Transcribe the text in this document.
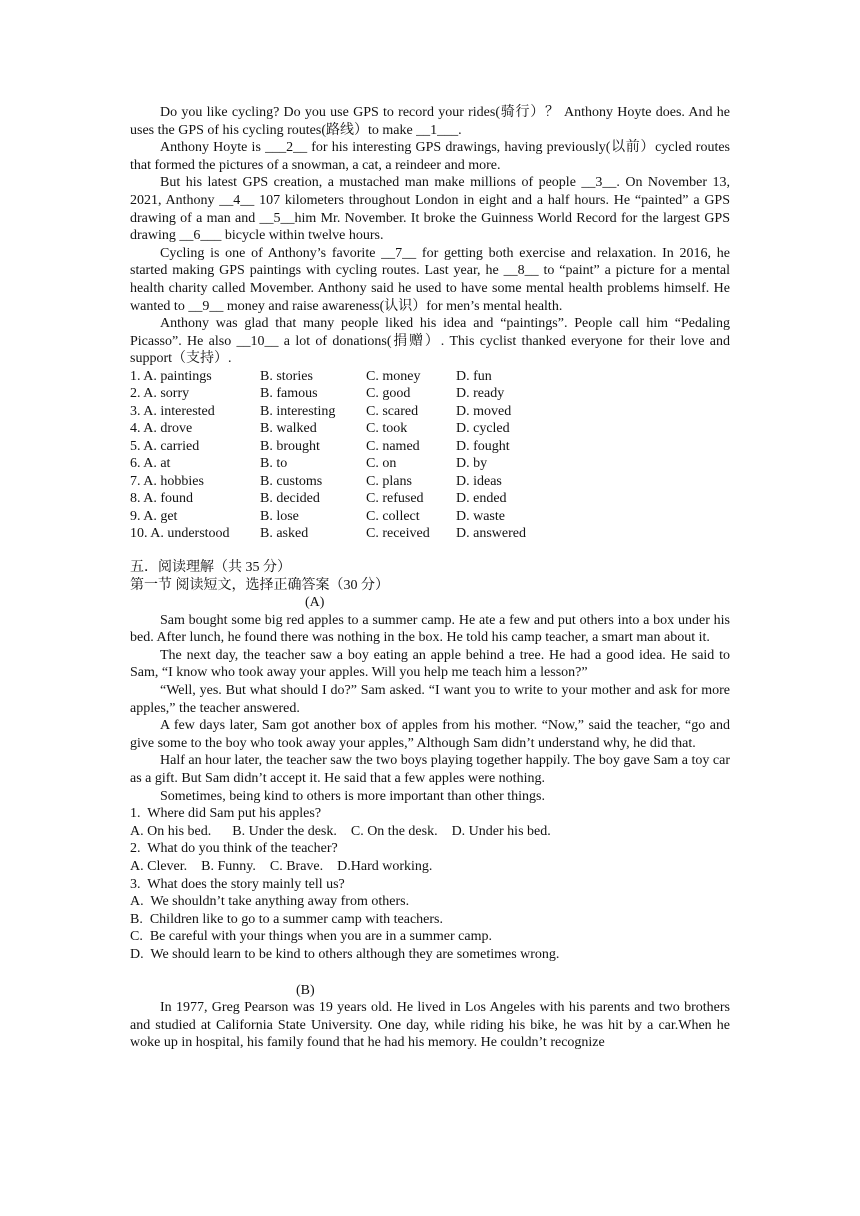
Do you like cycling? Do you use GPS to record your rides(骑行）？ Anthony Hoyte does. And he uses the GPS of his cycling routes(路线）to make __1___.

Anthony Hoyte is ___2__ for his interesting GPS drawings, having previously(以前）cycled routes that formed the pictures of a snowman, a cat, a reindeer and more.

But his latest GPS creation, a mustached man make millions of people __3__. On November 13, 2021, Anthony __4__ 107 kilometers throughout London in eight and a half hours. He “painted” a GPS drawing of a man and __5__him Mr. November. It broke the Guinness World Record for the largest GPS drawing __6___ bicycle within twelve hours.

Cycling is one of Anthony’s favorite __7__ for getting both exercise and relaxation. In 2016, he started making GPS paintings with cycling routes. Last year, he __8__ to “paint” a picture for a mental health charity called Movember. Anthony said he used to have some mental health problems himself. He wanted to __9__ money and raise awareness(认识）for men’s mental health.

Anthony was glad that many people liked his idea and “paintings”. People call him “Pedaling Picasso”. He also __10__ a lot of donations(捐赠）. This cyclist thanked everyone for their love and support（支持）.

1. A. paintings	B. stories	C. money	D. fun
2. A. sorry	B. famous	C. good	D. ready
3. A. interested	B. interesting	C. scared	D. moved
4. A. drove	B. walked	C. took	D. cycled
5. A. carried	B. brought	C. named	D. fought
6. A. at	B. to	C. on	D. by
7. A. hobbies	B. customs	C. plans	D. ideas
8. A. found	B. decided	C. refused	D. ended
9. A. get	B. lose	C. collect	D. waste
10. A. understood	B. asked	C. received	D. answered

五．阅读理解（共 35 分）

第一节 阅读短文，选择正确答案（30 分）

(A)

Sam bought some big red apples to a summer camp. He ate a few and put others into a box under his bed. After lunch, he found there was nothing in the box. He told his camp teacher, a smart man about it.

The next day, the teacher saw a boy eating an apple behind a tree. He had a good idea. He said to Sam, “I know who took away your apples. Will you help me teach him a lesson?”

“Well, yes. But what should I do?” Sam asked. “I want you to write to your mother and ask for more apples,” the teacher answered.

A few days later, Sam got another box of apples from his mother. “Now,” said the teacher, “go and give some to the boy who took away your apples,” Although Sam didn’t understand why, he did that.

Half an hour later, the teacher saw the two boys playing together happily. The boy gave Sam a toy car as a gift. But Sam didn’t accept it. He said that a few apples were nothing.

Sometimes, being kind to others is more important than other things.

1.  Where did Sam put his apples?

A. On his bed.      B. Under the desk.    C. On the desk.    D. Under his bed.

2.  What do you think of the teacher?

A. Clever.    B. Funny.    C. Brave.    D.Hard working.

3.  What does the story mainly tell us?

A.  We shouldn’t take anything away from others.

B.  Children like to go to a summer camp with teachers.

C.  Be careful with your things when you are in a summer camp.

D.  We should learn to be kind to others although they are sometimes wrong.

(B)

In 1977, Greg Pearson was 19 years old. He lived in Los Angeles with his parents and two brothers and studied at California State University. One day, while riding his bike, he was hit by a car.When he woke up in hospital, his family found that he had his memory. He couldn’t recognize
